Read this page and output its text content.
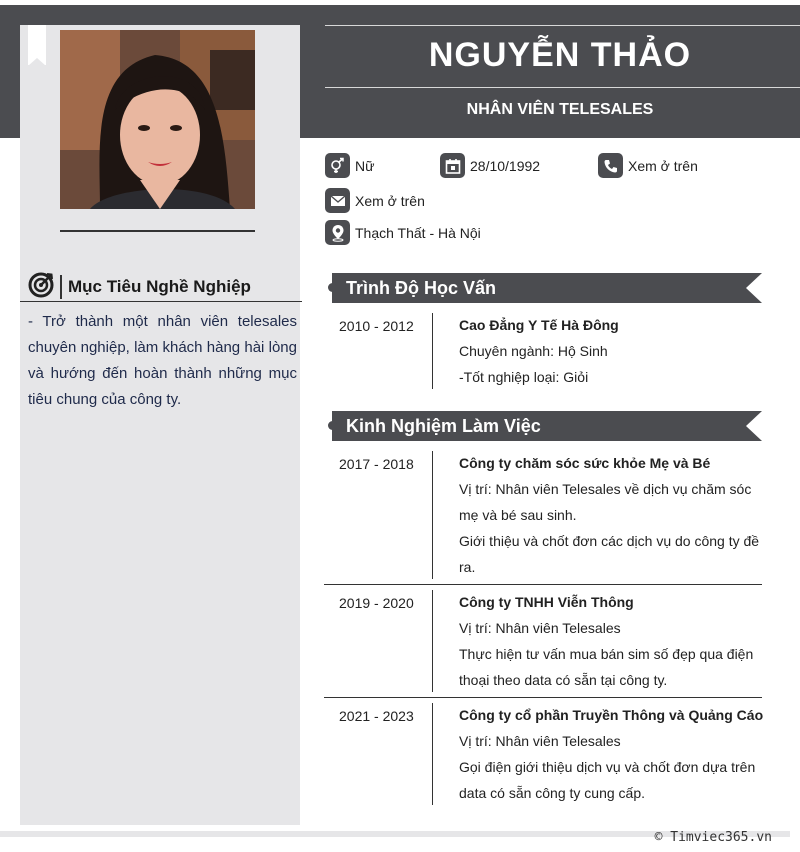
NGUYỄN THẢO
NHÂN VIÊN TELESALES
Nữ	28/10/1992	Xem ở trên
Xem ở trên
Thạch Thất - Hà Nội
Mục Tiêu Nghề Nghiệp
- Trở thành một nhân viên telesales chuyên nghiệp, làm khách hàng hài lòng và hướng đến hoàn thành những mục tiêu chung của công ty.
Trình Độ Học Vấn
2010 - 2012	Cao Đẳng Y Tế Hà Đông
Chuyên ngành: Hộ Sinh
-Tốt nghiệp loại: Giỏi
Kinh Nghiệm Làm Việc
2017 - 2018	Công ty chăm sóc sức khỏe Mẹ và Bé
Vị trí: Nhân viên Telesales về dịch vụ chăm sóc mẹ và bé sau sinh.
Giới thiệu và chốt đơn các dịch vụ do công ty đề ra.
2019 - 2020	Công ty TNHH Viễn Thông
Vị trí: Nhân viên Telesales
Thực hiện tư vấn mua bán sim số đẹp qua điện thoại theo data có sẵn tại công ty.
2021 - 2023	Công ty cổ phần Truyền Thông và Quảng Cáo
Vị trí: Nhân viên Telesales
Gọi điện giới thiệu dịch vụ và chốt đơn dựa trên data có sẵn công ty cung cấp.
© Timviec365.vn
